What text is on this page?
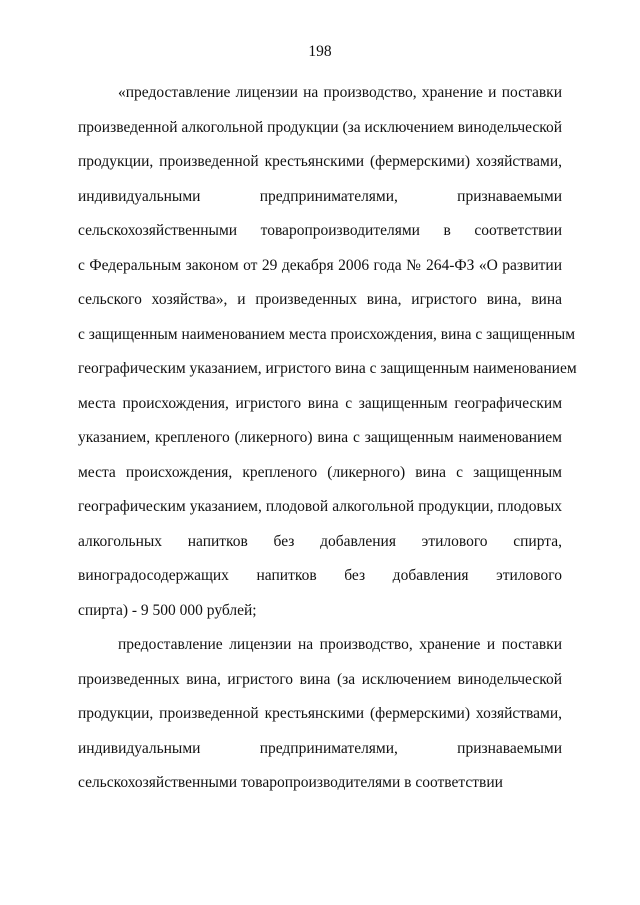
198
«предоставление лицензии на производство, хранение и поставки
произведенной алкогольной продукции (за исключением винодельческой
продукции, произведенной крестьянскими (фермерскими) хозяйствами,
индивидуальными предпринимателями, признаваемыми
сельскохозяйственными товаропроизводителями в соответствии
с Федеральным законом от 29 декабря 2006 года № 264-ФЗ «О развитии
сельского хозяйства», и произведенных вина, игристого вина, вина
с защищенным наименованием места происхождения, вина с защищенным
географическим указанием, игристого вина с защищенным наименованием
места происхождения, игристого вина с защищенным географическим
указанием, крепленого (ликерного) вина с защищенным наименованием
места происхождения, крепленого (ликерного) вина с защищенным
географическим указанием, плодовой алкогольной продукции, плодовых
алкогольных напитков без добавления этилового спирта,
виноградосодержащих напитков без добавления этилового
спирта) - 9 500 000 рублей;
предоставление лицензии на производство, хранение и поставки
произведенных вина, игристого вина (за исключением винодельческой
продукции, произведенной крестьянскими (фермерскими) хозяйствами,
индивидуальными предпринимателями, признаваемыми
сельскохозяйственными товаропроизводителями в соответствии
